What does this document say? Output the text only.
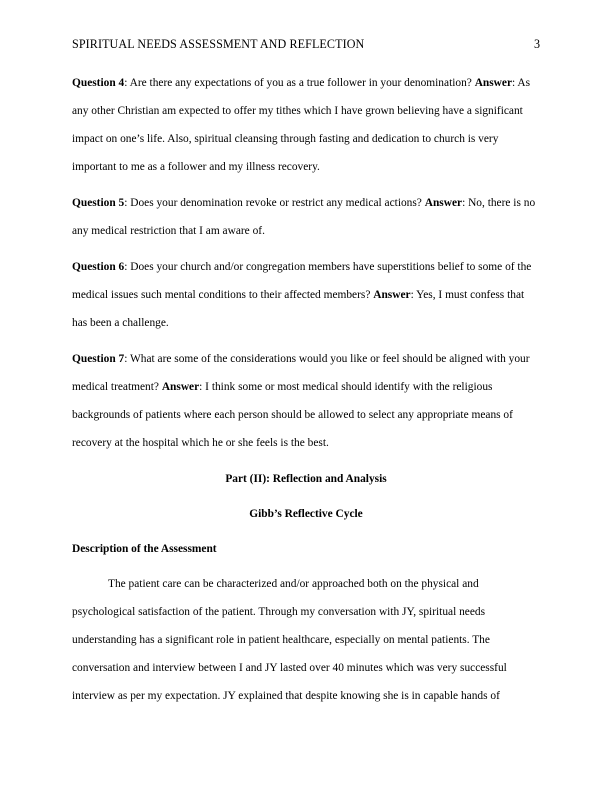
SPIRITUAL NEEDS ASSESSMENT AND REFLECTION	3

Question 4: Are there any expectations of you as a true follower in your denomination? Answer: As any other Christian am expected to offer my tithes which I have grown believing have a significant impact on one’s life. Also, spiritual cleansing through fasting and dedication to church is very important to me as a follower and my illness recovery.

Question 5: Does your denomination revoke or restrict any medical actions? Answer: No, there is no any medical restriction that I am aware of.

Question 6: Does your church and/or congregation members have superstitions belief to some of the medical issues such mental conditions to their affected members? Answer: Yes, I must confess that has been a challenge.

Question 7: What are some of the considerations would you like or feel should be aligned with your medical treatment? Answer: I think some or most medical should identify with the religious backgrounds of patients where each person should be allowed to select any appropriate means of recovery at the hospital which he or she feels is the best.

Part (II): Reflection and Analysis
Gibb’s Reflective Cycle
Description of the Assessment

The patient care can be characterized and/or approached both on the physical and psychological satisfaction of the patient. Through my conversation with JY, spiritual needs understanding has a significant role in patient healthcare, especially on mental patients. The conversation and interview between I and JY lasted over 40 minutes which was very successful interview as per my expectation. JY explained that despite knowing she is in capable hands of
